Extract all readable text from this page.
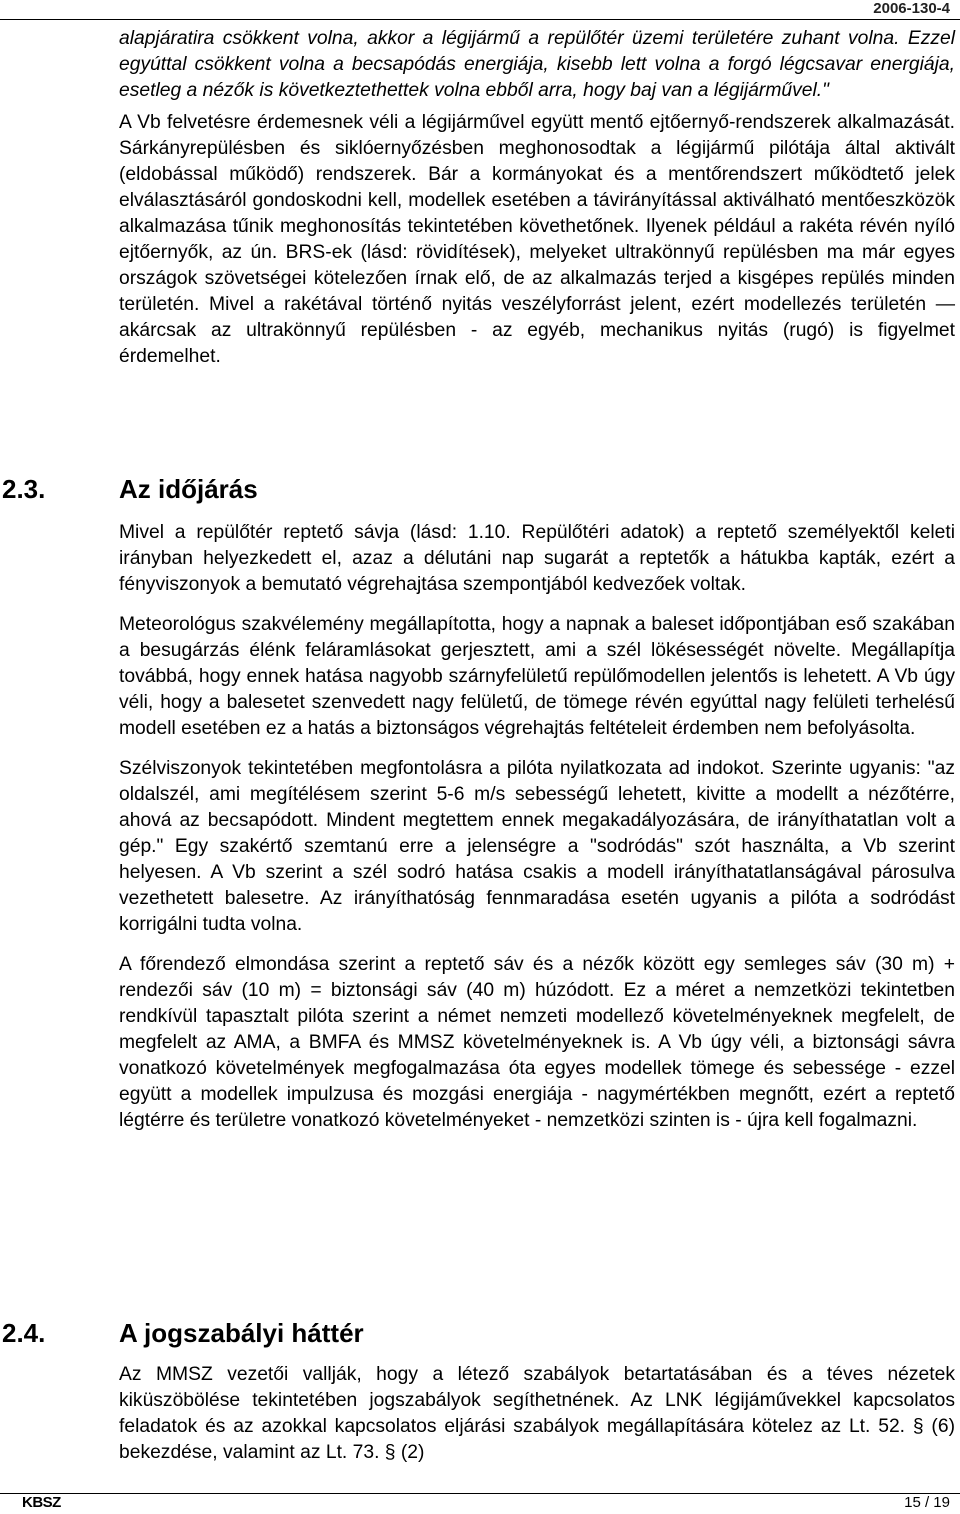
2006-130-4

alapjáratira csökkent volna, akkor a légijármű a repülőtér üzemi területére zuhant volna. Ezzel egyúttal csökkent volna a becsapódás energiája, kisebb lett volna a forgó légcsavar energiája, esetleg a nézők is következtethettek volna ebből arra, hogy baj van a légijárművel."

A Vb felvetésre érdemesnek véli a légijárművel együtt mentő ejtőernyő-rendszerek alkalmazását. Sárkányrepülésben és siklóernyőzésben meghonosodtak a légijármű pilótája által aktivált (eldobással működő) rendszerek. Bár a kormányokat és a mentőrendszert működtető jelek elválasztásáról gondoskodni kell, modellek esetében a távirányítással aktiválható mentőeszközök alkalmazása tűnik meghonosítás tekintetében követhetőnek. Ilyenek például a rakéta révén nyíló ejtőernyők, az ún. BRS-ek (lásd: rövidítések), melyeket ultrakönnyű repülésben ma már egyes országok szövetségei kötelezően írnak elő, de az alkalmazás terjed a kisgépes repülés minden területén. Mivel a rakétával történő nyitás veszélyforrást jelent, ezért modellezés területén ― akárcsak az ultrakönnyű repülésben - az egyéb, mechanikus nyitás (rugó) is figyelmet érdemelhet.

2.3.	Az időjárás

Mivel a repülőtér reptető sávja (lásd: 1.10. Repülőtéri adatok) a reptető személyektől keleti irányban helyezkedett el, azaz a délutáni nap sugarát a reptetők a hátukba kapták, ezért a fényviszonyok a bemutató végrehajtása szempontjából kedvezőek voltak.

Meteorológus szakvélemény megállapította, hogy a napnak a baleset időpontjában eső szakában a besugárzás élénk feláramlásokat gerjesztett, ami a szél lökésességét növelte. Megállapítja továbbá, hogy ennek hatása nagyobb szárnyfelületű repülőmodellen jelentős is lehetett. A Vb úgy véli, hogy a balesetet szenvedett nagy felületű, de tömege révén egyúttal nagy felületi terhelésű modell esetében ez a hatás a biztonságos végrehajtás feltételeit érdemben nem befolyásolta.

Szélviszonyok tekintetében megfontolásra a pilóta nyilatkozata ad indokot. Szerinte ugyanis: "az oldalszél, ami megítélésem szerint 5-6 m/s sebességű lehetett, kivitte a modellt a nézőtérre, ahová az becsapódott. Mindent megtettem ennek megakadályozására, de irányíthatatlan volt a gép." Egy szakértő szemtanú erre a jelenségre a "sodródás" szót használta, a Vb szerint helyesen. A Vb szerint a szél sodró hatása csakis a modell irányíthatatlanságával párosulva vezethetett balesetre. Az irányíthatóság fennmaradása esetén ugyanis a pilóta a sodródást korrigálni tudta volna.

A főrendező elmondása szerint a reptető sáv és a nézők között egy semleges sáv (30 m) + rendezői sáv (10 m) = biztonsági sáv (40 m) húzódott. Ez a méret a nemzetközi tekintetben rendkívül tapasztalt pilóta szerint a német nemzeti modellező követelményeknek megfelelt, de megfelelt az AMA, a BMFA és MMSZ követelményeknek is. A Vb úgy véli, a biztonsági sávra vonatkozó követelmények megfogalmazása óta egyes modellek tömege és sebessége - ezzel együtt a modellek impulzusa és mozgási energiája - nagymértékben megnőtt, ezért a reptető légtérre és területre vonatkozó követelményeket - nemzetközi szinten is - újra kell fogalmazni.

2.4.	A jogszabályi háttér

Az MMSZ vezetői vallják, hogy a létező szabályok betartatásában és a téves nézetek kiküszöbölése tekintetében jogszabályok segíthetnének. Az LNK légijáművekkel kapcsolatos feladatok és az azokkal kapcsolatos eljárási szabályok megállapítására kötelez az Lt. 52. § (6) bekezdése, valamint az Lt. 73. § (2)

KBSZ	15 / 19
